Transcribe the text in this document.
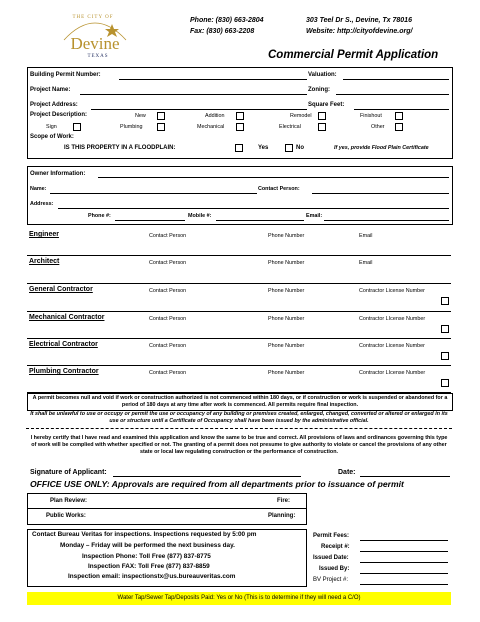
THE CITY OF
Devine
TEXAS
Phone: (830) 663-2804
Fax: (830) 663-2208
303 Teel Dr S., Devine, Tx 78016
Website: http://cityofdevine.org/
Commercial Permit Application
Building Permit Number:	Valuation:
Project Name:	Zoning:
Project Address:	Square Feet:
Project Description:	New	Addition	Remodel	Finishout
Sign	Plumbing	Mechanical	Electrical	Other
Scope of Work:
IS THIS PROPERTY IN A FLOODPLAIN:	Yes	No	If yes, provide Flood Plain Certificate
Owner Information:
Name:	Contact Person:
Address:
Phone #:	Mobile #:	Email:
Engineer	Contact Person	Phone Number	Email
Architect	Contact Person	Phone Number	Email
General Contractor	Contact Person	Phone Number	Contractor License Number
Mechanical Contractor	Contact Person	Phone Number	Contractor LIcense Number
Electrical Contractor	Contact Person	Phone Number	Contractor License Number
Plumbing Contractor	Contact Person	Phone Number	Contractor LIcense Number
A permit becomes null and void if work or construction authorized is not commenced within 180 days, or if construction or work is suspended or abandoned for a period of 180 days at any time after work is commenced. All permits require final inspection.
It shall be unlawful to use or occupy or permit the use or occupancy of any building or premises created, enlarged, changed, converted or altered or enlarged in its use or structure until a Certificate of Occupancy shall have been issued by the administrative official.
I hereby certify that I have read and examined this application and know the same to be true and correct. All provisions of laws and ordinances governing this type of work will be complied with whether specified or not. The granting of a permit does not presume to give authority to violate or cancel the provisions of any other state or local law regulating construction or the performance of construction.
Signature of Applicant:	Date:
OFFICE USE ONLY: Approvals are required from all departments prior to issuance of permit
Plan Review:	Fire:
Public Works:	Planning:
Contact Bureau Veritas for inspections. Inspections requested by 5:00 pm
Monday – Friday will be performed the next business day.
Inspection Phone: Toll Free (877) 837-8775
Inspection FAX: Toll Free (877) 837-8859
Inspection email: inspectionstx@us.bureauveritas.com
Permit Fees:
Receipt #:
Issued Date:
Issued By:
BV Project #:
Water Tap/Sewer Tap/Deposits Paid: Yes or No (This is to determine if they will need a C/O)
